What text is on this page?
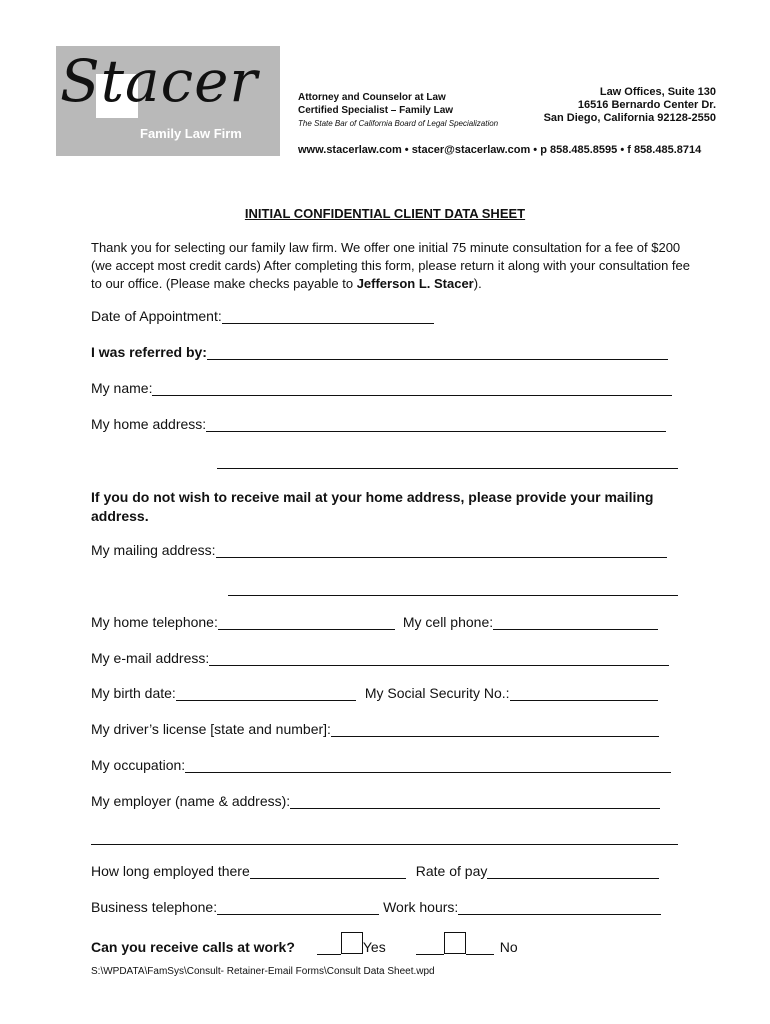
Stacer
Family Law Firm
Attorney and Counselor at Law
Certified Specialist – Family Law
The State Bar of California Board of Legal Specialization
Law Offices, Suite 130
16516 Bernardo Center Dr.
San Diego, California 92128-2550
www.stacerlaw.com • stacer@stacerlaw.com • p 858.485.8595 • f 858.485.8714
INITIAL CONFIDENTIAL CLIENT DATA SHEET
Thank you for selecting our family law firm. We offer one initial 75 minute consultation for a fee of $200 (we accept most credit cards) After completing this form, please return it along with your consultation fee to our office. (Please make checks payable to Jefferson L. Stacer).
Date of Appointment:
I was referred by:
My name:
My home address:
If you do not wish to receive mail at your home address, please provide your mailing address.
My mailing address:
My home telephone:	My cell phone:
My e-mail address:
My birth date:	My Social Security No.:
My driver’s license [state and number]:
My occupation:
My employer (name & address):
How long employed there	Rate of pay
Business telephone:	Work hours:
Can you receive calls at work?	Yes	No
S:\WPDATA\FamSys\Consult- Retainer-Email Forms\Consult Data Sheet.wpd
